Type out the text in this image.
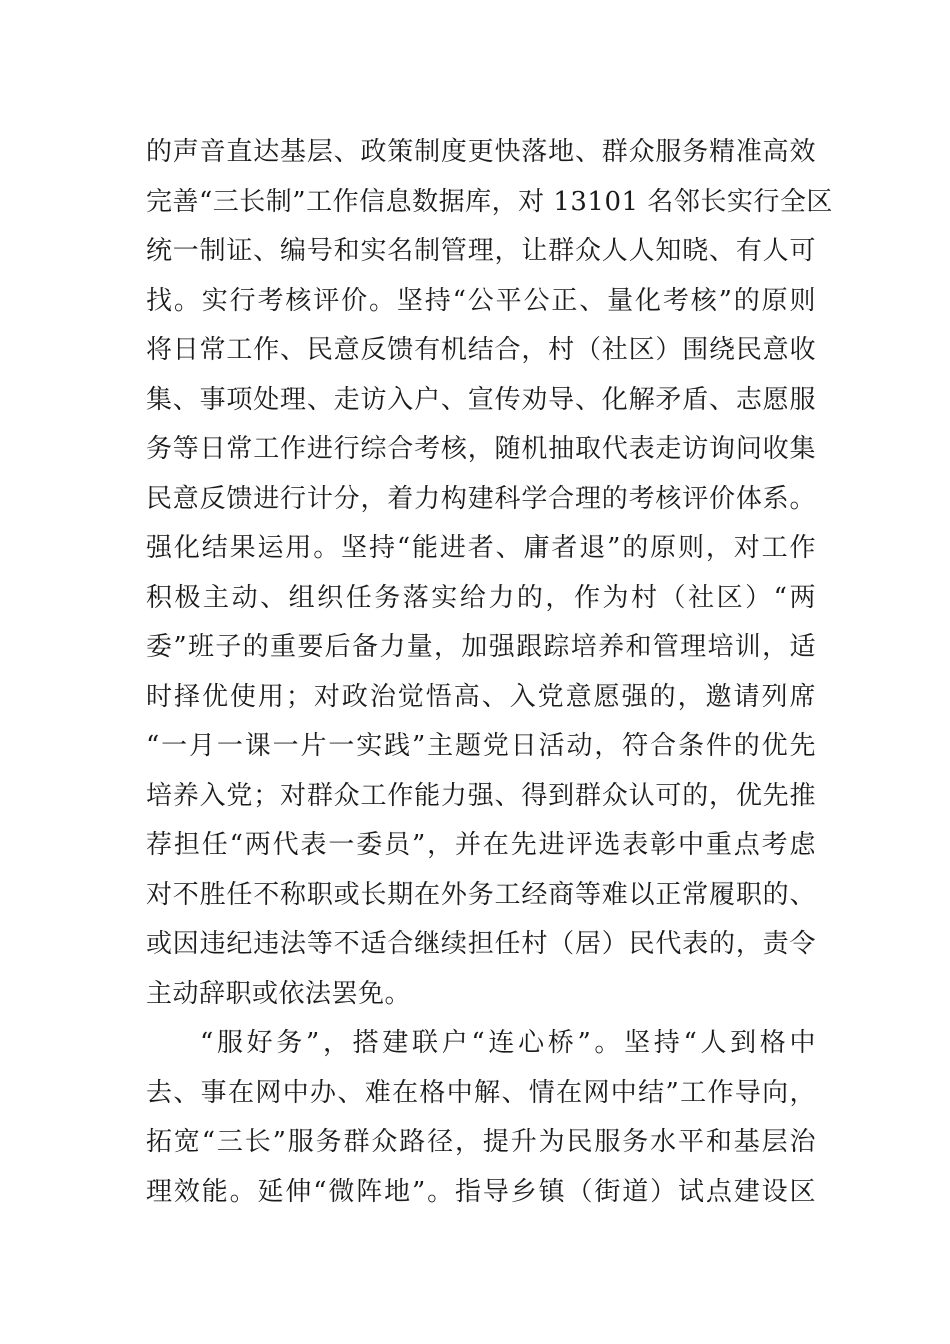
的声音直达基层、政策制度更快落地、群众服务精准高效
完善“三长制”工作信息数据库，对 13101 名邻长实行全区
统一制证、编号和实名制管理，让群众人人知晓、有人可
找。实行考核评价。坚持“公平公正、量化考核”的原则
将日常工作、民意反馈有机结合，村（社区）围绕民意收
集、事项处理、走访入户、宣传劝导、化解矛盾、志愿服
务等日常工作进行综合考核，随机抽取代表走访询问收集
民意反馈进行计分，着力构建科学合理的考核评价体系。
强化结果运用。坚持“能进者、庸者退”的原则，对工作
积极主动、组织任务落实给力的，作为村（社区）“两
委”班子的重要后备力量，加强跟踪培养和管理培训，适
时择优使用；对政治觉悟高、入党意愿强的，邀请列席
“一月一课一片一实践”主题党日活动，符合条件的优先
培养入党；对群众工作能力强、得到群众认可的，优先推
荐担任“两代表一委员”，并在先进评选表彰中重点考虑
对不胜任不称职或长期在外务工经商等难以正常履职的、
或因违纪违法等不适合继续担任村（居）民代表的，责令
主动辞职或依法罢免。
“服好务”，搭建联户“连心桥”。坚持“人到格中
去、事在网中办、难在格中解、情在网中结”工作导向，
拓宽“三长”服务群众路径，提升为民服务水平和基层治
理效能。延伸“微阵地”。指导乡镇（街道）试点建设区
